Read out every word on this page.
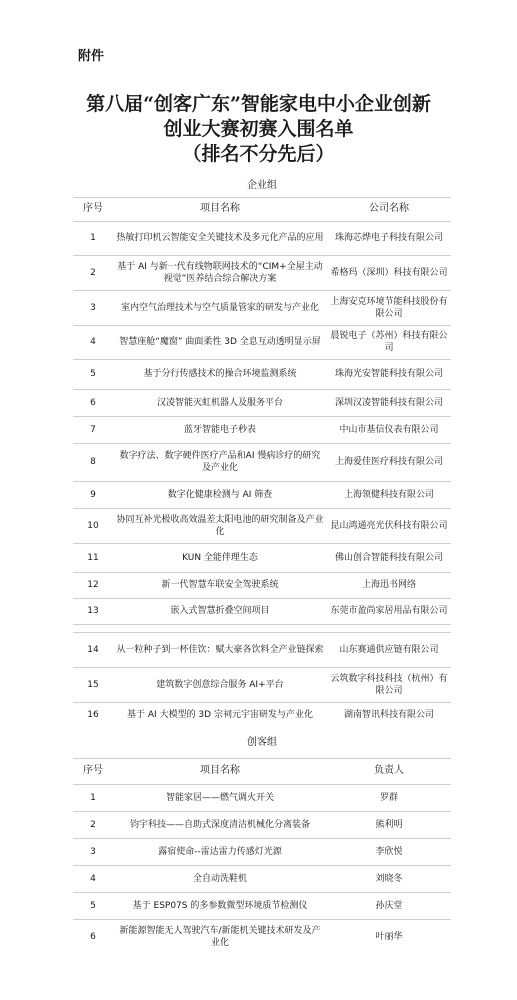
附件
第八届“创客广东”智能家电中小企业创新
创业大赛初赛入围名单
（排名不分先后）
企业组		
序号	项目名称	公司名称
1	热敏打印机云智能安全关键技术及多元化产品的应用	珠海芯烨电子科技有限公司
2	基于 AI 与新一代有线物联网技术的“CIM+全屋主动视觉”医养结合综合解决方案	希格玛（深圳）科技有限公司
3	室内空气治理技术与空气质量管家的研发与产业化	上海安克环境节能科技股份有限公司
4	智慧座舱“魔窗” 曲面柔性 3D 全息互动透明显示屏	晨锐电子（苏州）科技有限公司
5	基于分行传感技术的操合环境监测系统	珠海光安智能科技有限公司
6	汉凌智能灭虹机器人及服务平台	深圳汉凌智能科技有限公司
7	蓝牙智能电子秒表	中山市基信仪表有限公司
8	数字疗法、数字硬件医疗产品和AI 慢病诊疗的研究及产业化	上海爱佳医疗科技有限公司
9	数字化健康检测与 AI 筛查	上海领健科技有限公司
10	协同互补光极收高效温差太阳电池的研究制备及产业化	昆山鸿通亮光伏科技有限公司
11	KUN 全能伴理生态	佛山创合智能科技有限公司
12	新一代智慧车联安全驾驶系统	上海迅书网络
13	嵌入式智慧折叠空间项目	东莞市盈尚家居用品有限公司

14	从一粒种子到一杯佳饮：赋大豪各饮料全产业链探索	山东赛通供应链有限公司
15	建筑数字创意综合服务 AI+平台	云筑数字科技科技（杭州）有限公司
16	基于 AI 大模型的 3D 宗祠元宇宙研发与产业化	湖南智讯科技有限公司
创客组		
序号	项目名称	负责人
1	智能家居——燃气调火开关	罗群
2	钧宇科技——自助式深度清洁机械化分离装备	熊利明
3	露宿使命--雷达雷力传感灯光源	李欣悦
4	全自动洗鞋机	刘晓冬
5	基于 ESP07S 的多参数微型环境质节检测仪	孙庆堂
6	新能源智能无人驾驶汽车/新能机关键技术研发及产业化	叶丽华
